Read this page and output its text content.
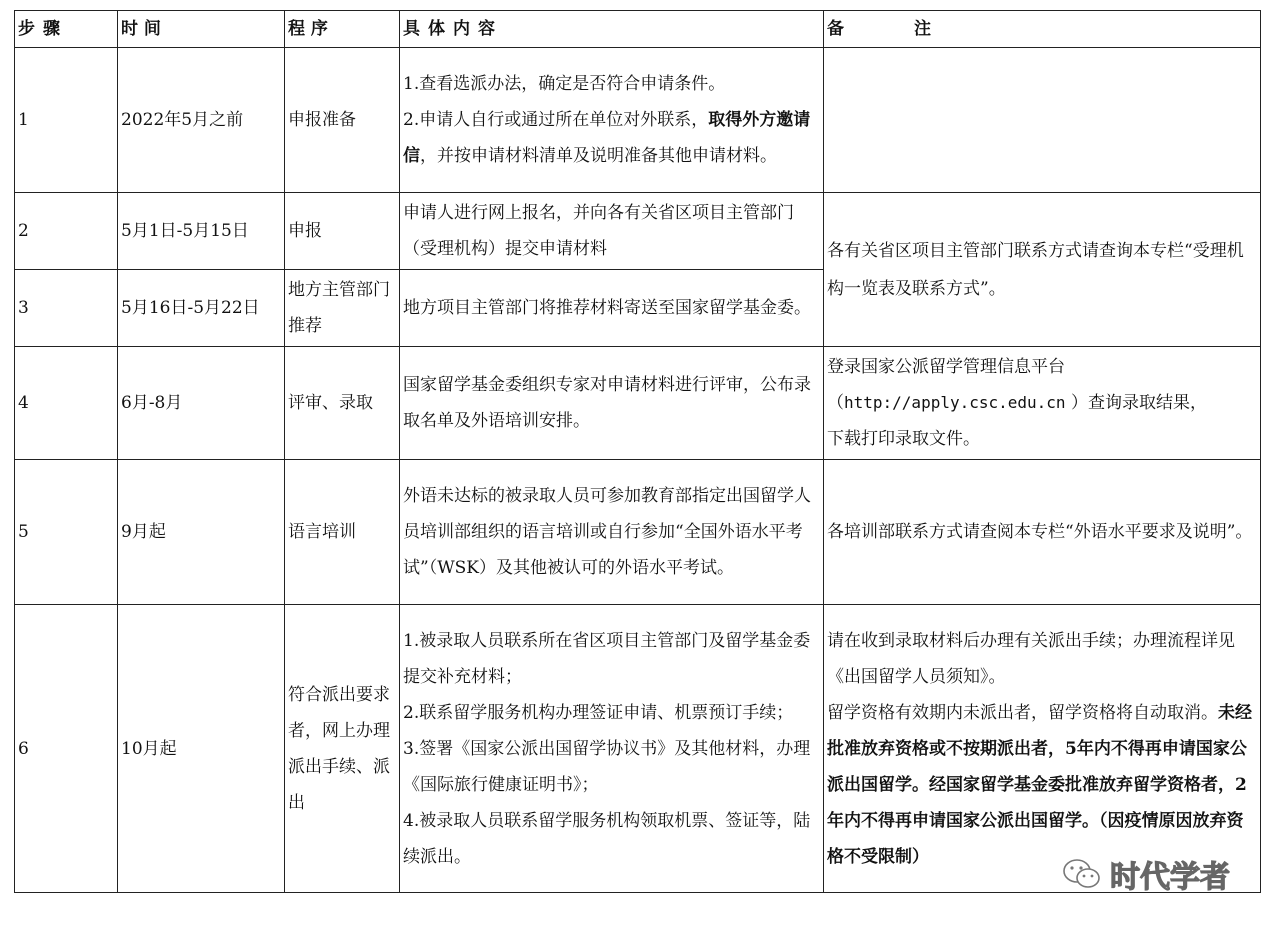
步骤	时 间	程 序	具体内容	备 注
1	2022年5月之前	申报准备	1.查看选派办法，确定是否符合申请条件。
2.申请人自行或通过所在单位对外联系，取得外方邀请信，并按申请材料清单及说明准备其他申请材料。	
2	5月1日-5月15日	申报	申请人进行网上报名，并向各有关省区项目主管部门（受理机构）提交申请材料	各有关省区项目主管部门联系方式请查询本专栏“受理机构一览表及联系方式”。
3	5月16日-5月22日	地方主管部门推荐	地方项目主管部门将推荐材料寄送至国家留学基金委。	
4	6月-8月	评审、录取	国家留学基金委组织专家对申请材料进行评审，公布录取名单及外语培训安排。	登录国家公派留学管理信息平台
（http://apply.csc.edu.cn ）查询录取结果，
下载打印录取文件。

5	9月起	语言培训	外语未达标的被录取人员可参加教育部指定出国留学人员培训部组织的语言培训或自行参加“全国外语水平考试”（WSK）及其他被认可的外语水平考试。	各培训部联系方式请查阅本专栏“外语水平要求及说明”。
6	10月起	符合派出要求者，网上办理派出手续、派出	1.被录取人员联系所在省区项目主管部门及留学基金委提交补充材料；
2.联系留学服务机构办理签证申请、机票预订手续；
3.签署《国家公派出国留学协议书》及其他材料，办理《国际旅行健康证明书》；
4.被录取人员联系留学服务机构领取机票、签证等，陆续派出。	请在收到录取材料后办理有关派出手续；办理流程详见《出国留学人员须知》。
留学资格有效期内未派出者，留学资格将自动取消。未经批准放弃资格或不按期派出者，5年内不得再申请国家公派出国留学。经国家留学基金委批准放弃留学资格者，2年内不得再申请国家公派出国留学。（因疫情原因放弃资格不受限制）
时代学者
